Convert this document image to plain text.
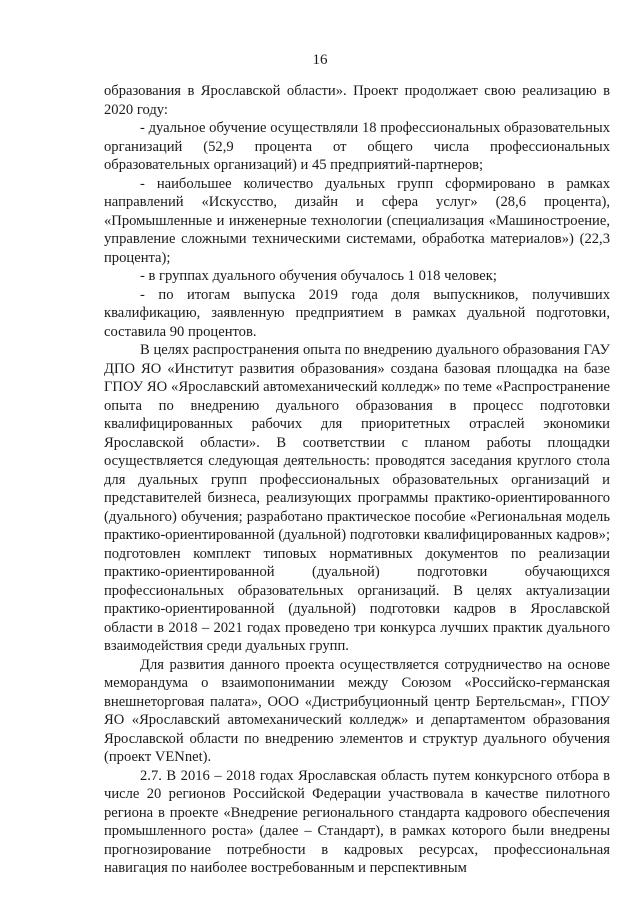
16

образования в Ярославской области». Проект продолжает свою реализацию в 2020 году:

- дуальное обучение осуществляли 18 профессиональных образовательных организаций (52,9 процента от общего числа профессиональных образовательных организаций) и 45 предприятий-партнеров;

- наибольшее количество дуальных групп сформировано в рамках направлений «Искусство, дизайн и сфера услуг» (28,6 процента), «Промышленные и инженерные технологии (специализация «Машиностроение, управление сложными техническими системами, обработка материалов») (22,3 процента);

- в группах дуального обучения обучалось 1 018 человек;

- по итогам выпуска 2019 года доля выпускников, получивших квалификацию, заявленную предприятием в рамках дуальной подготовки, составила 90 процентов.

В целях распространения опыта по внедрению дуального образования ГАУ ДПО ЯО «Институт развития образования» создана базовая площадка на базе ГПОУ ЯО «Ярославский автомеханический колледж» по теме «Распространение опыта по внедрению дуального образования в процесс подготовки квалифицированных рабочих для приоритетных отраслей экономики Ярославской области». В соответствии с планом работы площадки осуществляется следующая деятельность: проводятся заседания круглого стола для дуальных групп профессиональных образовательных организаций и представителей бизнеса, реализующих программы практико-ориентированного (дуального) обучения; разработано практическое пособие «Региональная модель практико-ориентированной (дуальной) подготовки квалифицированных кадров»; подготовлен комплект типовых нормативных документов по реализации практико-ориентированной (дуальной) подготовки обучающихся профессиональных образовательных организаций. В целях актуализации практико-ориентированной (дуальной) подготовки кадров в Ярославской области в 2018 – 2021 годах проведено три конкурса лучших практик дуального взаимодействия среди дуальных групп.

Для развития данного проекта осуществляется сотрудничество на основе меморандума о взаимопонимании между Союзом «Российско-германская внешнеторговая палата», ООО «Дистрибуционный центр Бертельсман», ГПОУ ЯО «Ярославский автомеханический колледж» и департаментом образования Ярославской области по внедрению элементов и структур дуального обучения (проект VENnet).

2.7. В 2016 – 2018 годах Ярославская область путем конкурсного отбора в числе 20 регионов Российской Федерации участвовала в качестве пилотного региона в проекте «Внедрение регионального стандарта кадрового обеспечения промышленного роста» (далее – Стандарт), в рамках которого были внедрены прогнозирование потребности в кадровых ресурсах, профессиональная навигация по наиболее востребованным и перспективным
